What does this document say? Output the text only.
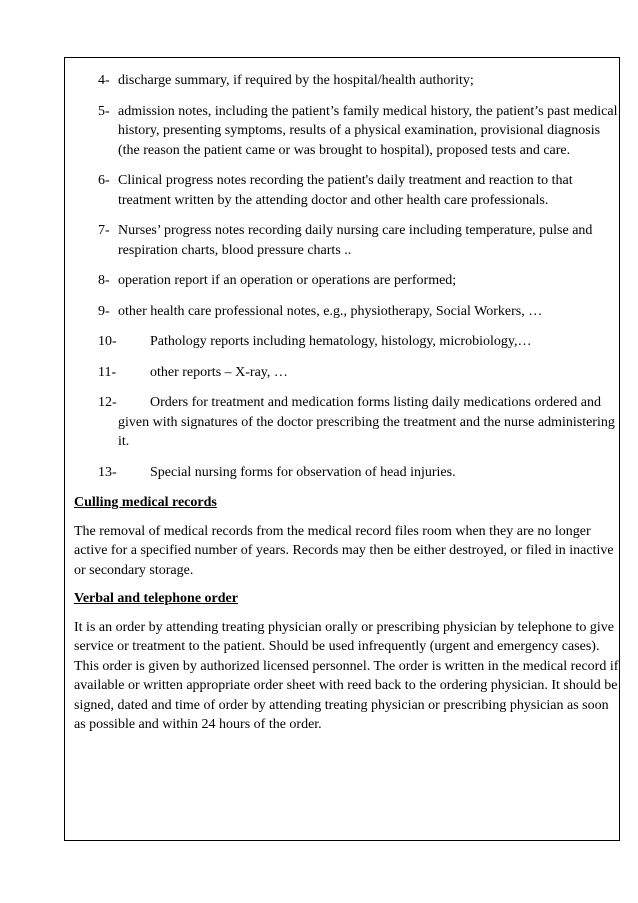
4- discharge summary, if required by the hospital/health authority;
5- admission notes, including the patient’s family medical history, the patient’s past medical history, presenting symptoms, results of a physical examination, provisional diagnosis (the reason the patient came or was brought to hospital), proposed tests and care.
6- Clinical progress notes recording the patient's daily treatment and reaction to that treatment written by the attending doctor and other health care professionals.
7- Nurses’ progress notes recording daily nursing care including temperature, pulse and respiration charts, blood pressure charts ..
8- operation report if an operation or operations are performed;
9- other health care professional notes, e.g., physiotherapy, Social Workers, …
10- Pathology reports including hematology, histology, microbiology,…
11- other reports – X-ray, …
12- Orders for treatment and medication forms listing daily medications ordered and given with signatures of the doctor prescribing the treatment and the nurse administering it.
13- Special nursing forms for observation of head injuries.
Culling medical records

The removal of medical records from the medical record files room when they are no longer active for a specified number of years. Records may then be either destroyed, or filed in inactive or secondary storage.

Verbal and telephone order

It is an order by attending treating physician orally or prescribing physician by telephone to give service or treatment to the patient. Should be used infrequently (urgent and emergency cases). This order is given by authorized licensed personnel. The order is written in the medical record if available or written appropriate order sheet with reed back to the ordering physician. It should be signed, dated and time of order by attending treating physician or prescribing physician as soon as possible and within 24 hours of the order.
